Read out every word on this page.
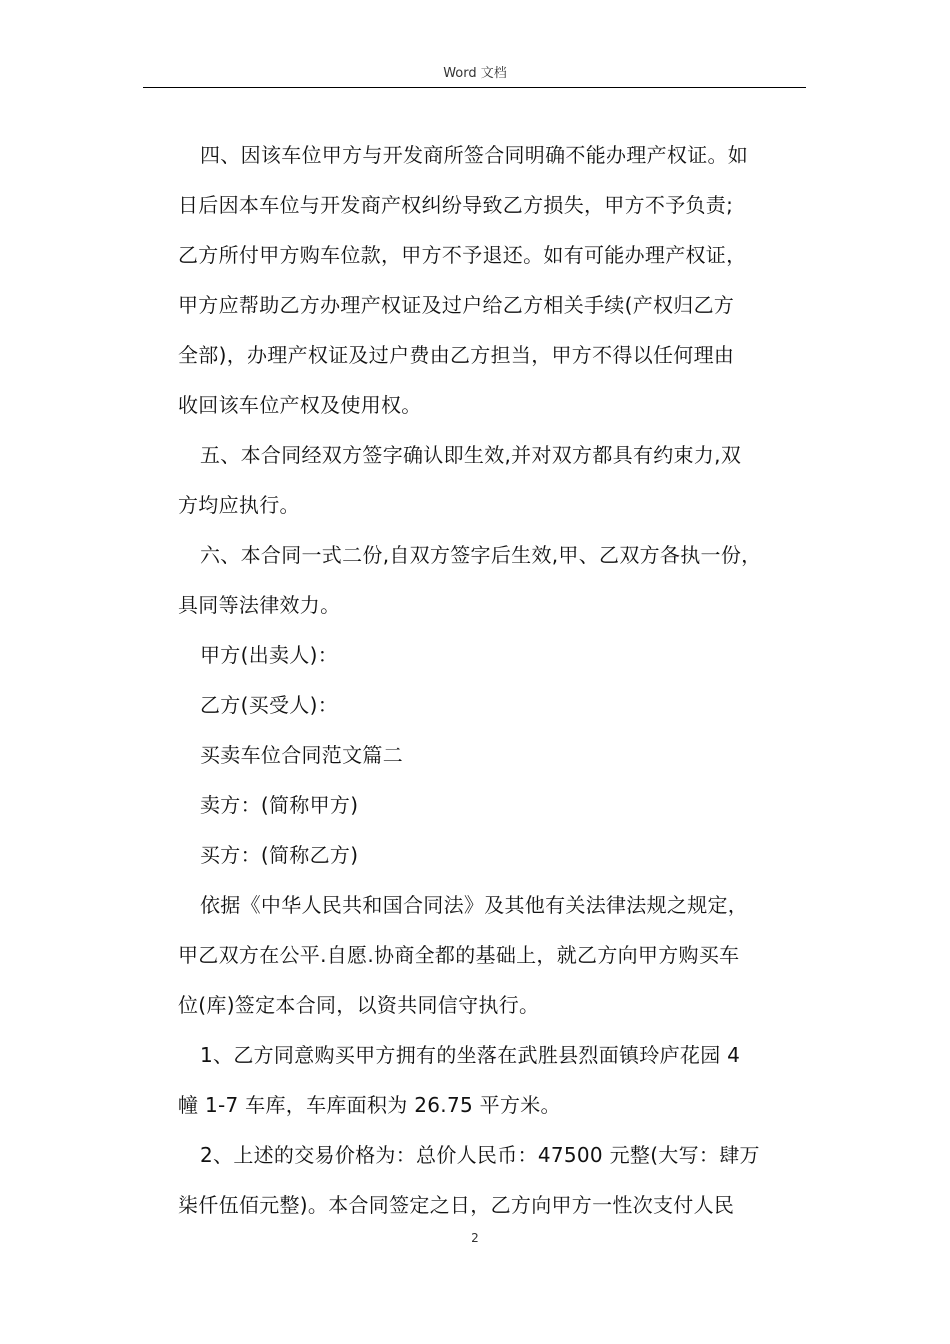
Word 文档

四、因该车位甲方与开发商所签合同明确不能办理产权证。如
日后因本车位与开发商产权纠纷导致乙方损失，甲方不予负责;
乙方所付甲方购车位款，甲方不予退还。如有可能办理产权证，
甲方应帮助乙方办理产权证及过户给乙方相关手续(产权归乙方
全部)，办理产权证及过户费由乙方担当，甲方不得以任何理由
收回该车位产权及使用权。

五、本合同经双方签字确认即生效,并对双方都具有约束力,双
方均应执行。

六、本合同一式二份,自双方签字后生效,甲、乙双方各执一份，
具同等法律效力。

甲方(出卖人)：

乙方(买受人)：

买卖车位合同范文篇二

卖方：(简称甲方)

买方：(简称乙方)

依据《中华人民共和国合同法》及其他有关法律法规之规定，
甲乙双方在公平.自愿.协商全都的基础上，就乙方向甲方购买车
位(库)签定本合同，以资共同信守执行。

1、乙方同意购买甲方拥有的坐落在武胜县烈面镇玲庐花园 4
幢 1-7 车库，车库面积为 26.75 平方米。

2、上述的交易价格为：总价人民币：47500 元整(大写：肆万
柒仟伍佰元整)。本合同签定之日，乙方向甲方一性次支付人民

2
